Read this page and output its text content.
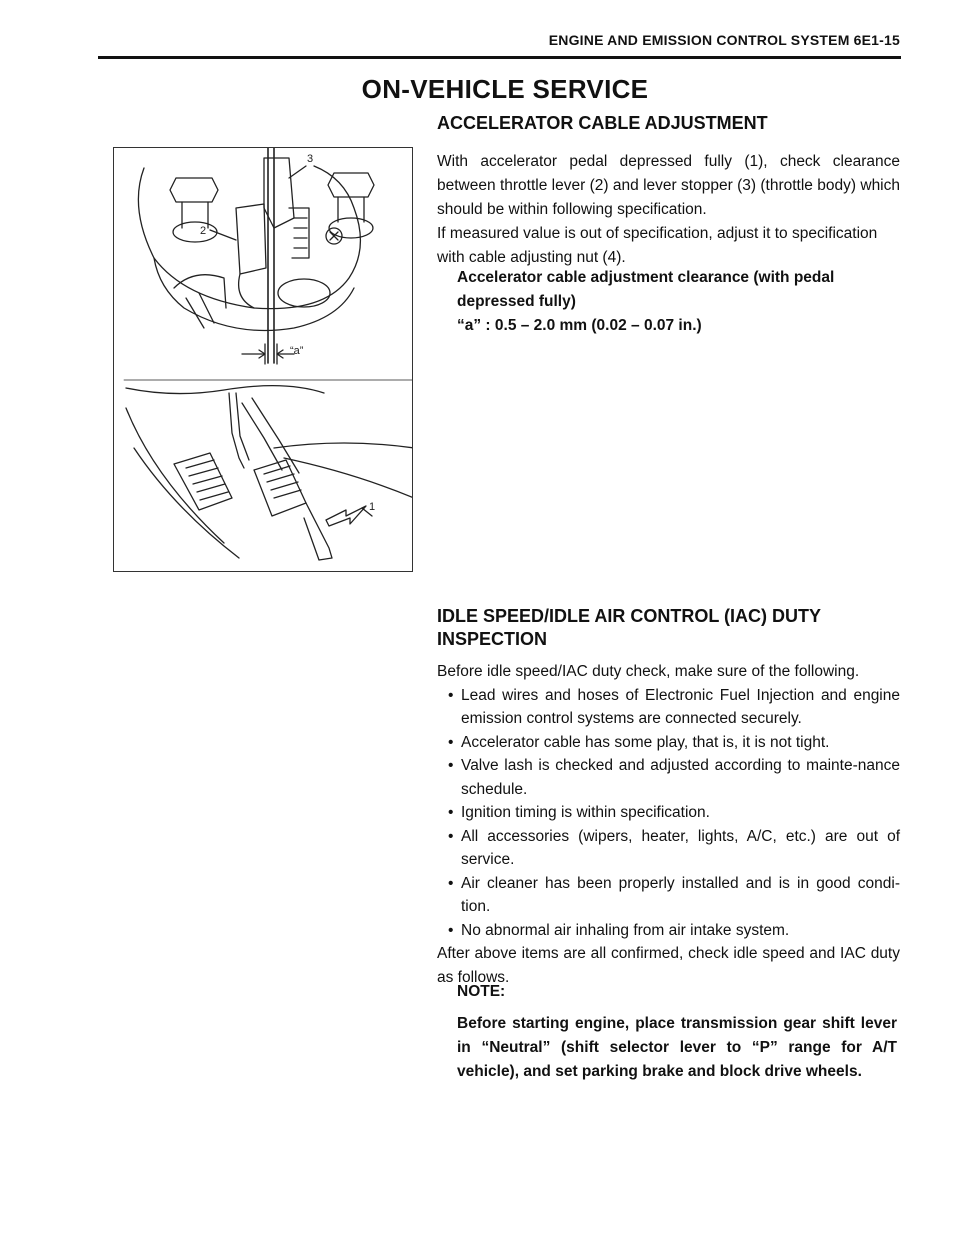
ENGINE AND EMISSION CONTROL SYSTEM 6E1-15
ON-VEHICLE SERVICE
ACCELERATOR CABLE ADJUSTMENT

With accelerator pedal depressed fully (1), check clearance between throttle lever (2) and lever stopper (3) (throttle body) which should be within following specification.

If measured value is out of specification, adjust it to specification with cable adjusting nut (4).

Accelerator cable adjustment clearance (with pedal depressed fully)
“a” : 0.5 – 2.0 mm (0.02 – 0.07 in.)
3
2
“a”
1
IDLE SPEED/IDLE AIR CONTROL (IAC) DUTY
INSPECTION

Before idle speed/IAC duty check, make sure of the following.

• Lead wires and hoses of Electronic Fuel Injection and engine emission control systems are connected securely.
• Accelerator cable has some play, that is, it is not tight.
• Valve lash is checked and adjusted according to mainte-nance schedule.
• Ignition timing is within specification.
• All accessories (wipers, heater, lights, A/C, etc.) are out of service.
• Air cleaner has been properly installed and is in good condi-tion.
• No abnormal air inhaling from air intake system.

After above items are all confirmed, check idle speed and IAC duty as follows.

NOTE:
Before starting engine, place transmission gear shift lever in “Neutral” (shift selector lever to “P” range for A/T vehicle), and set parking brake and block drive wheels.
